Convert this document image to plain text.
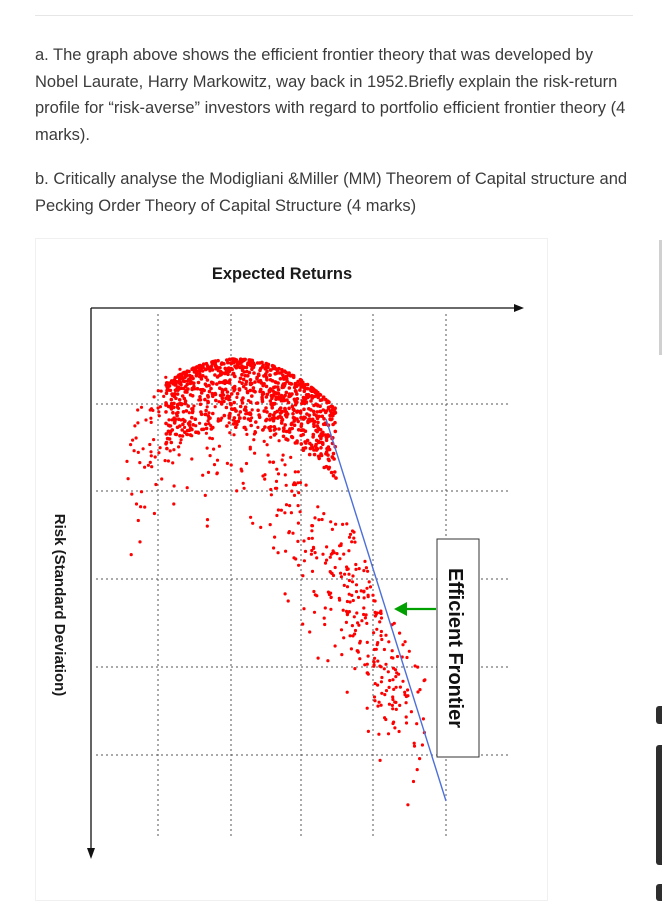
a. The graph above shows the efficient frontier theory that was developed by Nobel Laurate, Harry Markowitz, way back in 1952.Briefly explain the risk-return profile for “risk-averse” investors with regard to portfolio efficient frontier theory (4 marks).
b. Critically analyse the Modigliani &Miller (MM) Theorem of Capital structure and Pecking Order Theory of Capital Structure (4 marks)
Expected Returns
Risk (Standard Deviation)	Efficient Frontier
